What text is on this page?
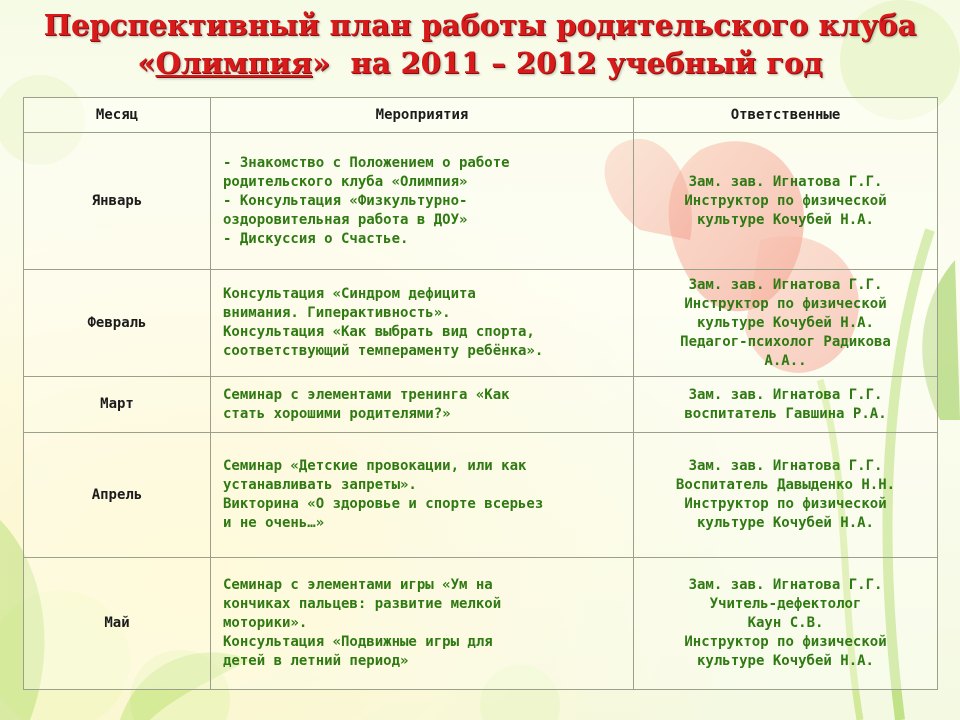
Перспективный план работы родительского клуба
«Олимпия» на 2011 – 2012 учебный год
Месяц	Мероприятия	Ответственные
Январь	- Знакомство с Положением о работе
родительского клуба «Олимпия»
- Консультация «Физкультурно-
оздоровительная работа в ДОУ»
- Дискуссия о Счастье.	Зам. зав. Игнатова Г.Г.
Инструктор по физической
культуре Кочубей Н.А.
Февраль	Консультация «Синдром дефицита
внимания. Гиперактивность».
Консультация «Как выбрать вид спорта,
соответствующий темпераменту ребёнка».	Зам. зав. Игнатова Г.Г.
Инструктор по физической
культуре Кочубей Н.А.
Педагог-психолог Радикова
А.А..
Март	Семинар с элементами тренинга «Как
стать хорошими родителями?»	Зам. зав. Игнатова Г.Г.
воспитатель Гавшина Р.А.
Апрель	Семинар «Детские провокации, или как
устанавливать запреты».
Викторина «О здоровье и спорте всерьез
и не очень…»	Зам. зав. Игнатова Г.Г.
Воспитатель Давыденко Н.Н.
Инструктор по физической
культуре Кочубей Н.А.
Май	Семинар с элементами игры «Ум на
кончиках пальцев: развитие мелкой
моторики».
Консультация «Подвижные игры для
детей в летний период»	Зам. зав. Игнатова Г.Г.
Учитель-дефектолог
Каун С.В.
Инструктор по физической
культуре Кочубей Н.А.
